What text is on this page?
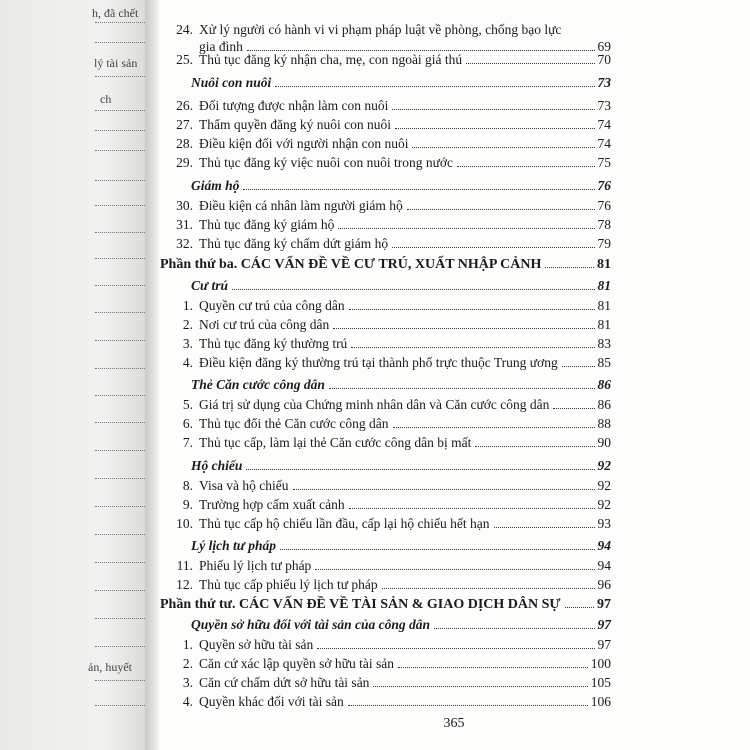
h, đã chết
lý tài sản
ch
ản, huyết
24. Xử lý người có hành vi vi phạm pháp luật về phòng, chống bạo lực
gia đình	69
25. Thủ tục đăng ký nhận cha, mẹ, con ngoài giá thú	70
Nuôi con nuôi	73
26. Đối tượng được nhận làm con nuôi	73
27. Thẩm quyền đăng ký nuôi con nuôi	74
28. Điều kiện đối với người nhận con nuôi	74
29. Thủ tục đăng ký việc nuôi con nuôi trong nước	75
Giám hộ	76
30. Điều kiện cá nhân làm người giám hộ	76
31. Thủ tục đăng ký giám hộ	78
32. Thủ tục đăng ký chấm dứt giám hộ	79
Phần thứ ba. CÁC VẤN ĐỀ VỀ CƯ TRÚ, XUẤT NHẬP CẢNH	81
Cư trú	81
1. Quyền cư trú của công dân	81
2. Nơi cư trú của công dân	81
3. Thủ tục đăng ký thường trú	83
4. Điều kiện đăng ký thường trú tại thành phố trực thuộc Trung ương	85
Thẻ Căn cước công dân	86
5. Giá trị sử dụng của Chứng minh nhân dân và Căn cước công dân	86
6. Thủ tục đổi thẻ Căn cước công dân	88
7. Thủ tục cấp, làm lại thẻ Căn cước công dân bị mất	90
Hộ chiếu	92
8. Visa và hộ chiếu	92
9. Trường hợp cấm xuất cảnh	92
10. Thủ tục cấp hộ chiếu lần đầu, cấp lại hộ chiếu hết hạn	93
Lý lịch tư pháp	94
11. Phiếu lý lịch tư pháp	94
12. Thủ tục cấp phiếu lý lịch tư pháp	96
Phần thứ tư. CÁC VẤN ĐỀ VỀ TÀI SẢN & GIAO DỊCH DÂN SỰ	97
Quyền sở hữu đối với tài sản của công dân	97
1. Quyền sở hữu tài sản	97
2. Căn cứ xác lập quyền sở hữu tài sản	100
3. Căn cứ chấm dứt sở hữu tài sản	105
4. Quyền khác đối với tài sản	106
365
